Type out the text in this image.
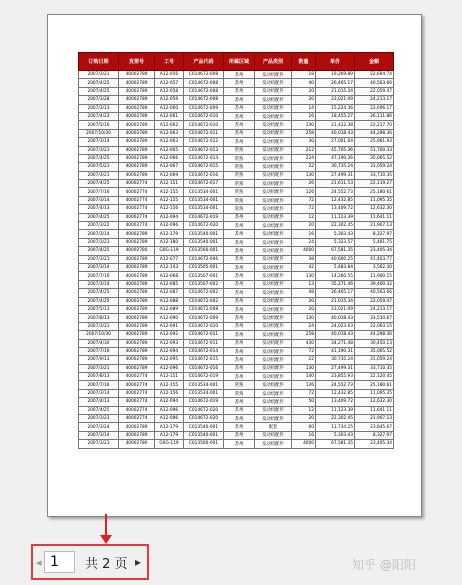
订购日期	发票号	工号	产品代码	所属区域	产品类别	数量	单价	金额
2007/3/21	40002789	A12-056	C014672-008	苏州	发动机配件	18	19,269.89	22,694.74
2007/4/25	40002789	A12-057	C014672-008	苏州	发动机配件	40	26,465.17	40,563.66
2007/4/25	40002789	A12-058	C014672-008	苏州	发动机配件	20	21,015.34	22,059.47
2007/3/28	40002789	A12-059	C014672-008	苏州	发动机配件	20	23,021.09	24,213.17
2007/3/13	40002789	A12-060	C014672-009	苏州	发动机配件	14	15,224.36	22,696.17
2007/4/23	40002789	A12-061	C014672-010	苏州	发动机配件	16	18,455.27	26,111.86
2007/5/16	40002789	A12-062	C014672-010	苏州	发动机配件	130	21,422.38	22,217.70
2007/10/30	40002789	A12-063	C014672-011	苏州	发动机配件	258	40,018.43	44,298.36
2007/3/14	40002789	A12-063	C014672-012	苏州	发动机配件	30	27,001.64	25,981.93
2007/3/21	40002789	A12-065	C014672-013	常熟	发动机配件	212	45,705.36	51,700.33
2007/4/25	40002789	A12-066	C014672-014	常熟	发动机配件	224	47,190.36	35,065.52
2007/5/21	40002789	A12-067	C014672-015	常熟	发动机配件	22	30,735.24	31,059.24
2007/3/21	40002789	A12-069	C014672-016	常熟	发动机配件	130	27,499.31	33,710.35
2007/4/25	40002774	A12-151	C014672-017	常熟	发动机配件	26	21,611.53	22,119.27
2007/7/16	40002774	A12-155	C013534-001	常熟	发动机配件	126	24,552.73	25,180.61
2007/3/14	40002774	A12-155	C013534-001	常熟	发动机配件	72	12,432.85	11,095.35
2007/4/13	40002774	A12-156	C013534-001	常熟	发动机配件	72	13,409.72	12,632.30
2007/4/25	40002774	A12-094	C014672-019	苏州	发动机配件	12	11,123.39	11,641.11
2007/3/22	40002774	A12-096	C014672-020	苏州	发动机配件	20	22,302.45	21,907.13
2007/3/14	40002789	A12-179	C013540-001	苏州	发动机配件	16	5,303.43	8,327.97
2007/3/23	40002789	A12-180	C013540-001	苏州	发动机配件	24	5,323.57	5,481.75
2007/4/25	40002780	G0G-119	C013560-001	苏州	发动机配件	4000	67,581.35	23,405.34
2007/3/21	40002789	A12-077	C014672-006	苏州	发动机配件	38	40,600.25	41,403.77
2007/3/14	40002789	A12-143	C013505-001	苏州	发动机配件	42	5,483.84	3,562.30
2007/7/16	40002789	A12-068	C013507-001	苏州	发动机配件	130	14,260.55	11,900.15
2007/3/14	40002789	A12-085	C013507-002	苏州	发动机配件	13	35,271.46	39,460.32
2007/4/25	40002789	A12-087	C014672-002	苏州	发动机配件	48	26,465.17	40,563.66
2007/4/25	40002789	A12-088	C014672-002	苏州	发动机配件	20	21,015.34	22,059.47
2007/5/13	40002789	A12-089	C014672-008	苏州	发动机配件	20	23,021.09	24,213.17
2007/8/13	40002789	A12-090	C014672-009	苏州	发动机配件	130	40,018.43	33,510.67
2007/3/21	40002789	A12-091	C014672-010	苏州	发动机配件	24	24,023.63	22,063.15
2007/10/30	40002789	A12-092	C014672-011	苏州	发动机配件	258	40,018.43	44,298.36
2007/4/30	40002789	A12-093	C014672-011	苏州	发动机配件	430	34,271.48	30,450.13
2007/7/16	40002789	A12-094	C014672-014	苏州	发动机配件	72	41,190.31	35,065.52
2007/9/13	40002789	A12-095	C014672-015	苏州	发动机配件	22	30,735.24	31,059.24
2007/3/21	40002789	A12-096	C014672-016	苏州	发动机配件	130	27,499.31	33,710.35
2007/8/13	40002774	A12-151	C014672-019	苏州	发动机配件	140	23,855.93	22,120.45
2007/7/16	40002774	A12-155	C013534-001	常熟	发动机配件	126	24,552.73	25,180.61
2007/3/14	40002774	A12-156	C013534-001	常熟	发动机配件	72	12,432.85	11,095.35
2007/4/13	40002774	A12-094	C014672-019	苏州	发动机配件	50	13,409.72	12,632.30
2007/4/25	40002774	A12-096	C014672-020	苏州	发动机配件	12	11,123.39	11,641.11
2007/3/23	40002774	A12-096	C014672-020	苏州	发动机配件	20	22,302.45	21,907.13
2007/3/24	40002789	A12-179	C013540-001	苏州	配套	60	11,734.25	23,645.67
2007/3/14	40002789	A12-179	C013540-001	苏州	发动机配件	16	5,303.43	8,327.97
2007/3/21	40002780	G0G-119	C013560-001	苏州	发动机配件	4000	67,581.35	23,405.34
◂
1	共 2 页 ▸	知乎 @阳阳
